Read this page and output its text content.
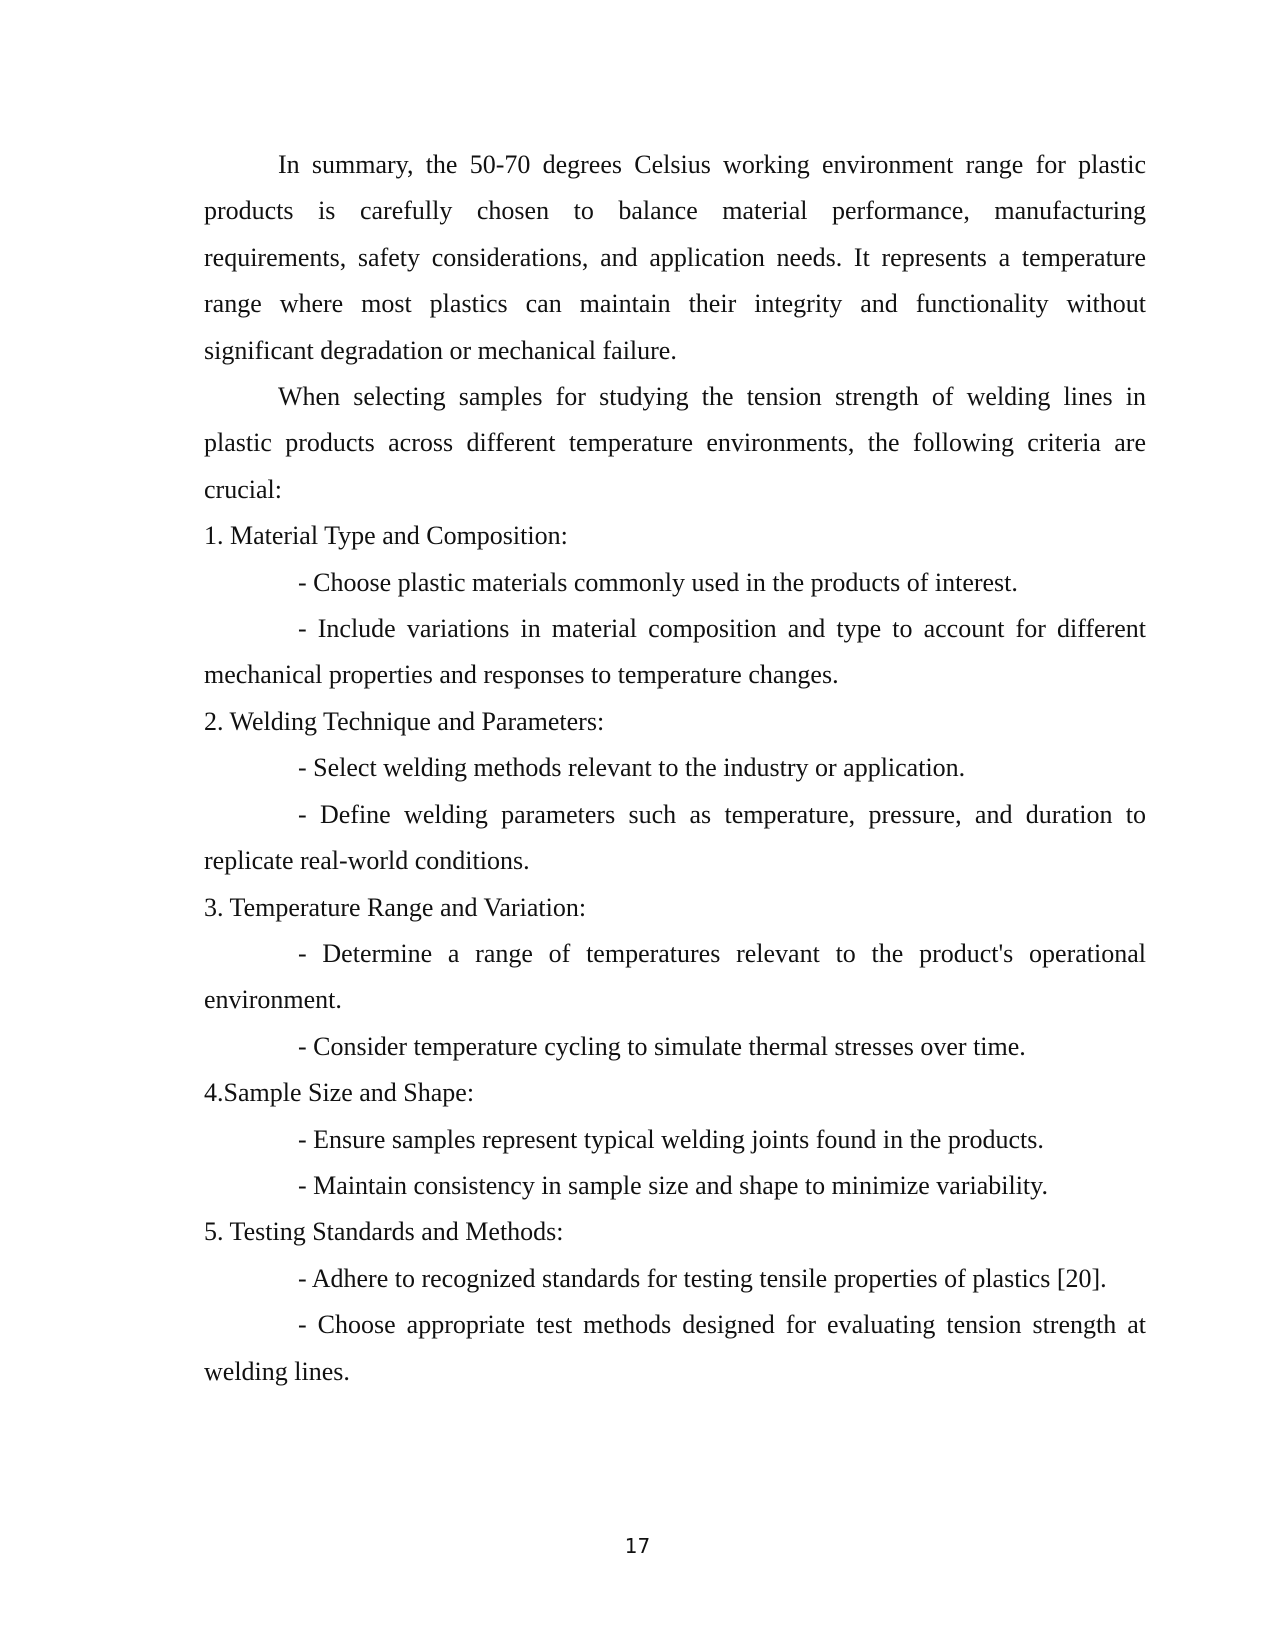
In summary, the 50-70 degrees Celsius working environment range for plastic products is carefully chosen to balance material performance, manufacturing requirements, safety considerations, and application needs. It represents a temperature range where most plastics can maintain their integrity and functionality without significant degradation or mechanical failure.

When selecting samples for studying the tension strength of welding lines in plastic products across different temperature environments, the following criteria are crucial:

1. Material Type and Composition:

- Choose plastic materials commonly used in the products of interest.

- Include variations in material composition and type to account for different mechanical properties and responses to temperature changes.

2. Welding Technique and Parameters:

- Select welding methods relevant to the industry or application.

- Define welding parameters such as temperature, pressure, and duration to replicate real-world conditions.

3. Temperature Range and Variation:

- Determine a range of temperatures relevant to the product's operational environment.

- Consider temperature cycling to simulate thermal stresses over time.

4.Sample Size and Shape:

- Ensure samples represent typical welding joints found in the products.

- Maintain consistency in sample size and shape to minimize variability.

5. Testing Standards and Methods:

- Adhere to recognized standards for testing tensile properties of plastics [20].

- Choose appropriate test methods designed for evaluating tension strength at welding lines.

17
